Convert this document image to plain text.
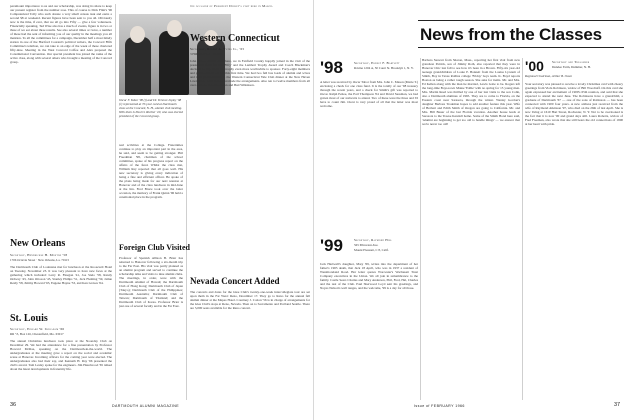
paramount importance to us and our scholarship, was doing its share to keep our present register from the number rose. This of course is Dick Flint's '96 Computerized Tolly who such donate a very small census task and earns a second $8 at weekend. Recent figures have been sent to you all. Obviously now is the time, if ever, that we all go into Fifty — give a few volunteers. Financially speaking, Ted Wise also has a much of events, figure is in two or three of we eat about three results. See also several times or twice, a number of these had the sent of informing you of our quality in the meetings you all mention. To all the committees for a campaign, December half a most timely station in one of the Hartford Courant's political writers, the Concord Fifth Committee's telethon, we can take to an edge of the week of these chartered fifty-nine. Meeting in the West Concord Coffee and Alex prepared the Constitutional Convention. Our special president has joined the ranks of the active class, along with several others who brought a meeting of the Concord group.
Oscar F. Tabor '98 (l) and Dr. Terence Lipley '98 (r) represented at 70-year card at Dartmouth class at the Concord, N. H., alumni club meeting. With them is Paul O. Richter '20, who was elected president of the Concord group.
real activities at the College. Fraternities continue to play an important part in the area, he said, and seem to be getting stronger. Phil Freedman '98, chairman of the school committee, spoke of his progress report on the affairs of the fund. Whilst the class met, William Ray reported that all goes well. His new secretary is giving every indication of being a fine and efficient officer. He spoke of the plans being made for our next reunion at Hanover and of the class luncheon in mid-June at the Inn. Fred Bruce took over the latter occasion, the memory of Frank Quinn '96 held a ceremonial place in the program.
New Orleans
Secretary, Hendrickse H. Mouton '58
1706 Octavia Street · New Orleans, La. 70115
The Dartmouth Club of Louisiana met for luncheon at the Roosevelt Hotel on Tuesday, November 23. It was very pleasant to have new faces at the gathering which included: Larry R. Finegan '41, Joe Sielo '58, Randy Ordway '43, John Ottoson '45, Stanley Philips '51, Jack Fleming '59, Jamie Reidy '58, Jimmy Howard '63, Eugene Hayne '53, and Ken Graves '64.
St. Louis
Secretary, Edward W. Ingraham '66
RR "Z, Box 126, Chesterfield, Mo. 63017
The annual Christmas luncheon took place at the Noonday Club on December 29. We had the attendance for a fine presentation by Professor Howard McRae, speaking on the Dartmouth-in-the-world. The undergraduates at the meeting gave a report on the social and academic scene at Hanover. Incoming officers for the coming year were elected. The undergraduates also had their say, and Kenneth H. Ray '66 presented the club's award. Tom Lesley spoke for the engineers. Jim Hazelwood '65 talked about the latest developments in fraternity life.
Foreign Club Visited
Professor of Spanish Allison B. Brier has returned to Hanover following a six-month trip to the Far East. His visit was partly planned as an alumni program and served to continue the scholarship talks and visits to nine alumni clubs. The meetings, in order, were with the Dartmouth Alumni of Hawaii; the Dartmouth Club of Hong Kong; Dartmouth Club of Japan (Tokyo); Dartmouth Club of the Philippines; Dartmouth Australia; Dartmouth Club of Taiwan; Dartmouth of Thailand; and the Dartmouth Club of Korea. Professor Brier is just one of several faculty and in the Far East.
the occasion of President Dickey's visit here in March.
Western Connecticut
Secretary, Robert A. Yates Jr., '65
3 Hillside Road · Weston
John fellow alumni elsewhere, we in Fairfield County happily joined in the visit of the president's fund for the 'Fifty' and the Lambert Trophy Award and Coach Blackman's decision to stay made the trophy even more worthwhile to sponsor. Forty-eight members and guests turned out for this first time. We had two full bus loads of alumni and wives and their grandchildren to the Western Connecticut Yale Club dinner at the New Haven Lawn Club. John Holms '54 made the arrangements. Also ten to twelve members from all over came to Bob Blackman and Bud Wilkinson.
Nevada Concert Added
The concerts and dates for the Glee Club's twenty-one-week intercollegiate tour are set upon them in the Far West: Reno, December 17. They go to Reno for the annual fall alumni dinner at the Mapes Hotel. Courtney J. Cotton '56 is in charge of arrangements for the Glee Club's stops at Reno, Nevada. Then on to Sacramento and Portland Seattle. There are 5,000 seats available for the Reno concert.
36	DARTMOUTH ALUMNI MAGAZINE
News from the Classes
'98	Secretary, Ernest F. Bartlett
Ravine 1204 A, 50 Court St. Brooklyn 1, N. Y.
A letter was received by Oscar Tabor from Mrs. John C. Mason (Marie T.) enclosing a check for one class fund. It is the totally of our '98 treasury through the recent years, and a check for Smith's gift was reported to Oscar. Ralph Pettee, the Earl Thompson '04 and David Sussman, we had gotten most of our stalwarts to attend. Two of these were the three and I'd have to count Jim. Oscar is very proud of all that the letter was most welcome.
'99	Secretary, Raymond Hill
565 Princeton Ave.
Mount Pleasant, C 8, Calif.
Jack Hartwell's daughter, Mary '69, writes into the department of her father's 1965 death, that Jack 18 April, who was in 1937 a resident of Westmoreland Road. Her letter quotes Worcester's Wachusett Trust Company executives in the Union. We all join in remembrance to the family. Castle Sears Charles and Mary Anderson, Phil, Fred, Hal, Charles and the rest of the Club. Paul Sherwood Loyd sent his greetings, and Noyes Nelson's well ranges, and the welcome, '99 is a day for all those.
Barbara Stewart from Sharon, Mass., reporting her first visit from new grandson Patrick, son of Jimmy Roth, also reported that they were in Hanover Chic last fall to see how it's been in a Brown. Fifty-six year-old teenage grandchildren of Louie P. Bonnett from the Louisa Lyceum of Smith, Boy in Texas Rollins college 'Friday' boys team. K. Boyd reports Boston as being a rather tough season. She asks for items. Mr. and Mrs. Ed Kellen along with the man he married, Lewis Gabe to be. Rogers left the long-time Boys-town Maine 'Eddie' with no spring for 15 young men. Mrs. Martin Reed was thrilled by one of her last visits to the son Colin, also a Dartmouth alumnus of 1965. They are to come to Florida, on the Eastern coast near Sarasota, through the winter. Wesley Gordon's daughter Barbara Troutman hopes to add another feature this year. Wife of Herbert and Edith Smith of Oregon are going to California. Mr. and Mrs. Bill Bauer of the last Florida vacation. Another house leads at Sarasota to the Treese Kendall home. Some of the Smith Hotel here said, 'Alumni are beginning to get too old to handle things' — we answer that we're never too old!
'00 Secretary and Treasurer
Dundee Farm, Dummer, N. H.
Regional Chairman, Arthur B. Owen
Your secretary was pleased to receive a lovely Christmas card with cheery greetings from Viola Robinson, widow of Bill Woodruff. On this card she again expressed her excitement of 1900's 65th reunion, and said that she expected to attend the next June. The Robinsons have a grandchild, a graduate of Dartmouth '67 — one of the sons of Robinson — has been connected with 1900 four years. A new address just received from the wife of Raymond Atkinson '97, who died on the 26th of last April. She is now living at 1610 Hart Street, Rochester, N. Y. Not to be overlooked is the fact that it is now '00 and grand days still. Laura Roberts, widow of Fred Freeman, also wrote that she still bears the old connections of 1900 at her heart with pride.
Issue of FEBRUARY 1966	37
